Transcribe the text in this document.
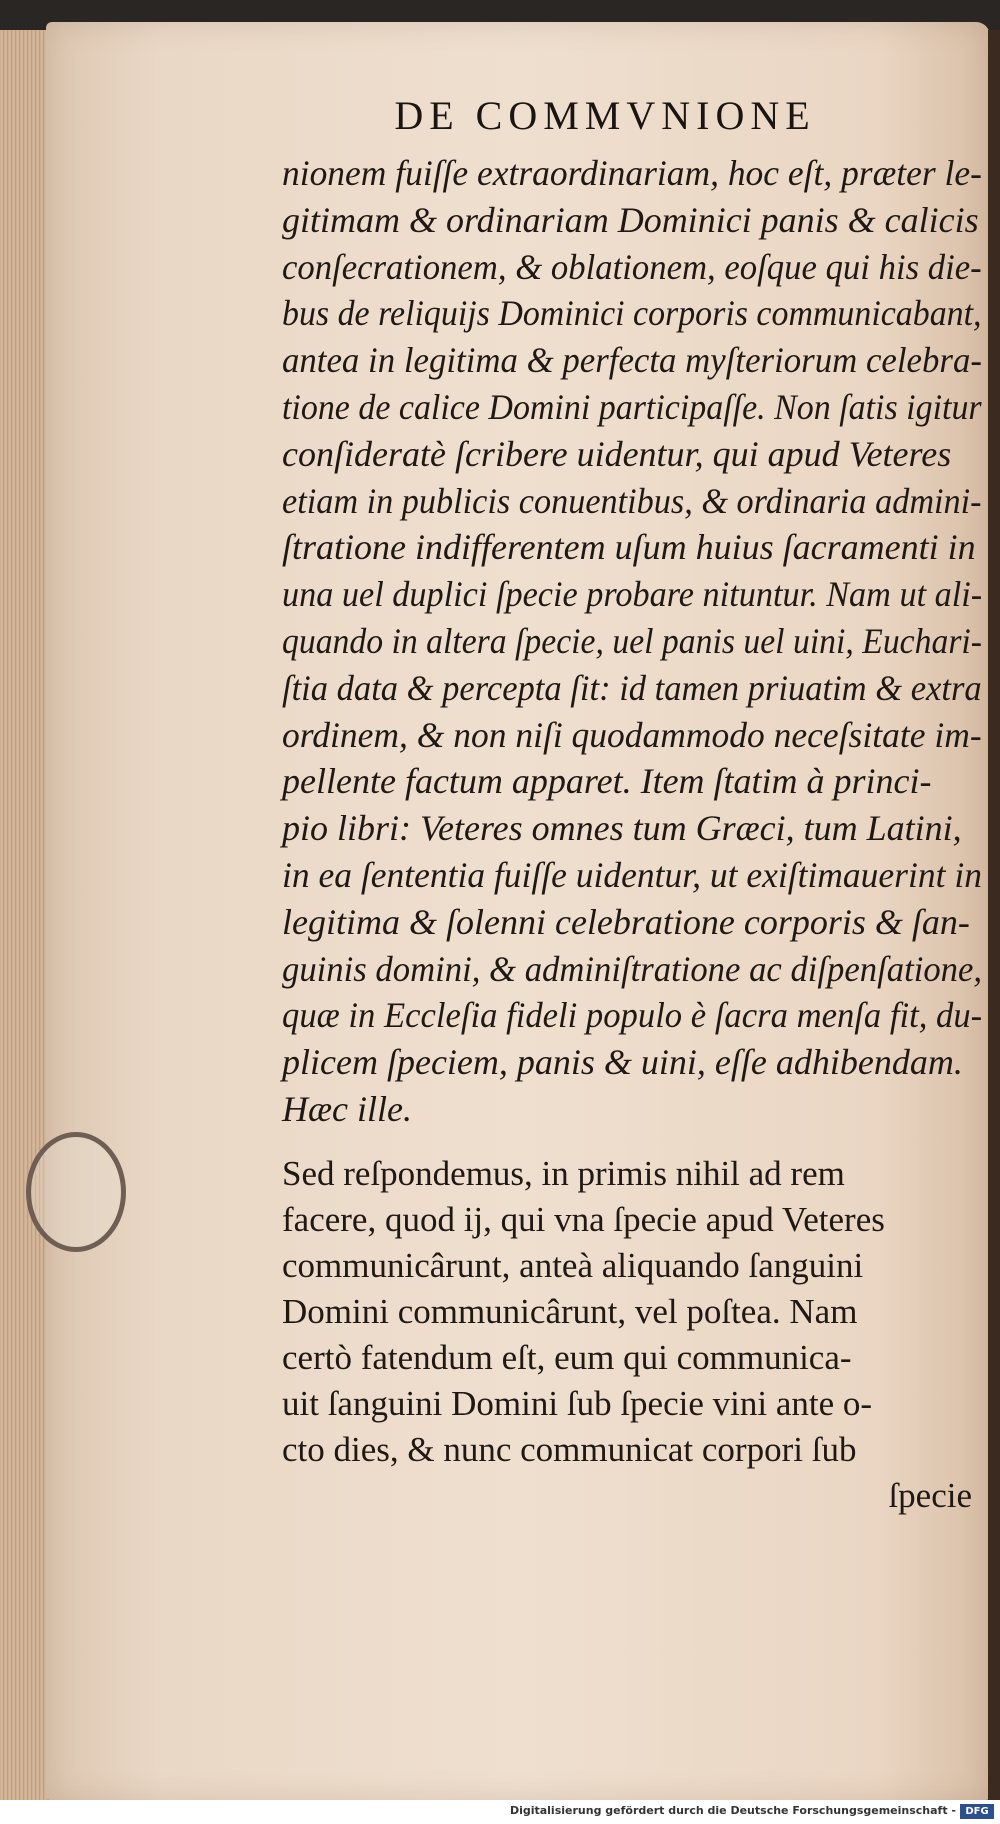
DE COMMVNIONE
nionem fuiſſe extraordinariam, hoc eſt, præter le-
gitimam & ordinariam Dominici panis & calicis
conſecrationem, & oblationem, eoſque qui his die-
bus de reliquijs Dominici corporis communicabant,
antea in legitima & perfecta myſteriorum celebra-
tione de calice Domini participaſſe. Non ſatis igitur
conſideratè ſcribere uidentur, qui apud Veteres
etiam in publicis conuentibus, & ordinaria admini-
ſtratione indifferentem uſum huius ſacramenti in
una uel duplici ſpecie probare nituntur. Nam ut ali-
quando in altera ſpecie, uel panis uel uini, Euchari-
ſtia data & percepta ſit: id tamen priuatim & extra
ordinem, & non niſi quodammodo neceſsitate im-
pellente factum apparet. Item ſtatim à princi-
pio libri: Veteres omnes tum Græci, tum Latini,
in ea ſententia fuiſſe uidentur, ut exiſtimauerint in
legitima & ſolenni celebratione corporis & ſan-
guinis domini, & adminiſtratione ac diſpenſatione,
quæ in Eccleſia fideli populo è ſacra menſa fit, du-
plicem ſpeciem, panis & uini, eſſe adhibendam.
Hæc ille.
Sed reſpondemus, in primis nihil ad rem
facere, quod ij, qui vna ſpecie apud Veteres
communicârunt, anteà aliquando ſanguini
Domini communicârunt, vel poſtea. Nam
certò fatendum eſt, eum qui communica-
uit ſanguini Domini ſub ſpecie vini ante o-
cto dies, & nunc communicat corpori ſub
ſpecie
Digitalisierung gefördert durch die Deutsche Forschungsgemeinschaft - DFG
